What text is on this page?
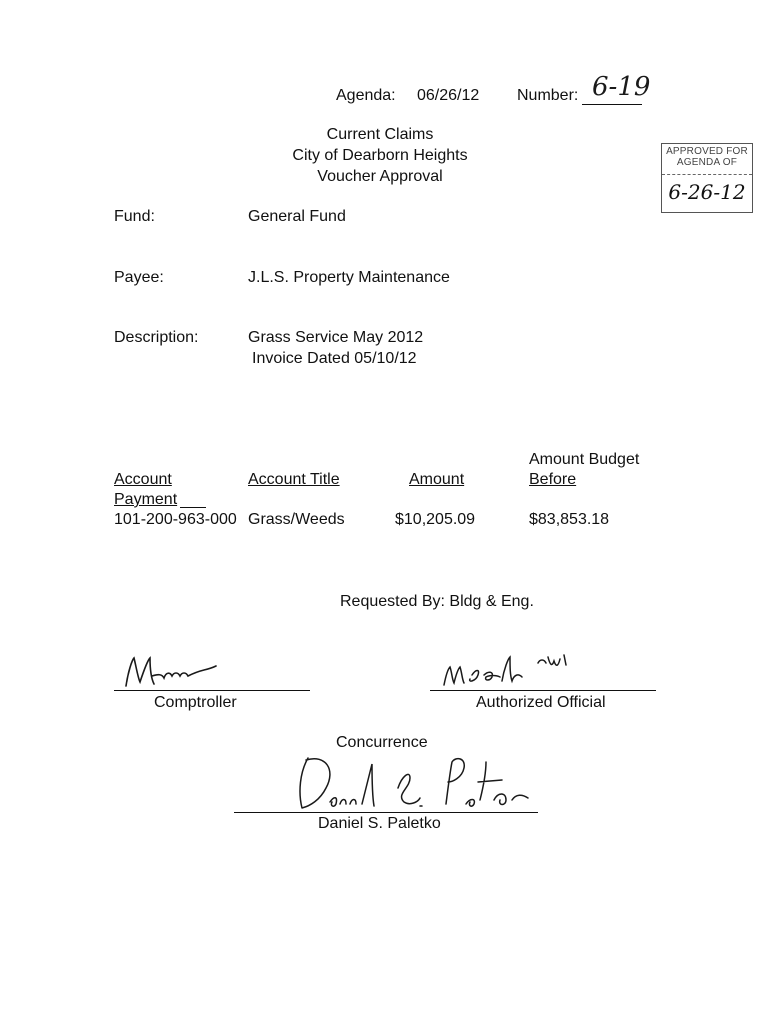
Agenda: 06/26/12 Number: 6-19
Current Claims
City of Dearborn Heights
Voucher Approval
APPROVED FOR
AGENDA OF
6-26-12
Fund:	General Fund
Payee:	J.L.S. Property Maintenance
Description:	Grass Service May 2012
Invoice Dated 05/10/12
Amount Budget
Account	Account Title	Amount	Before
Payment
101-200-963-000 Grass/Weeds	$10,205.09	$83,853.18
Requested By: Bldg & Eng.
Comptroller	Authorized Official
Concurrence
Daniel S. Paletko
